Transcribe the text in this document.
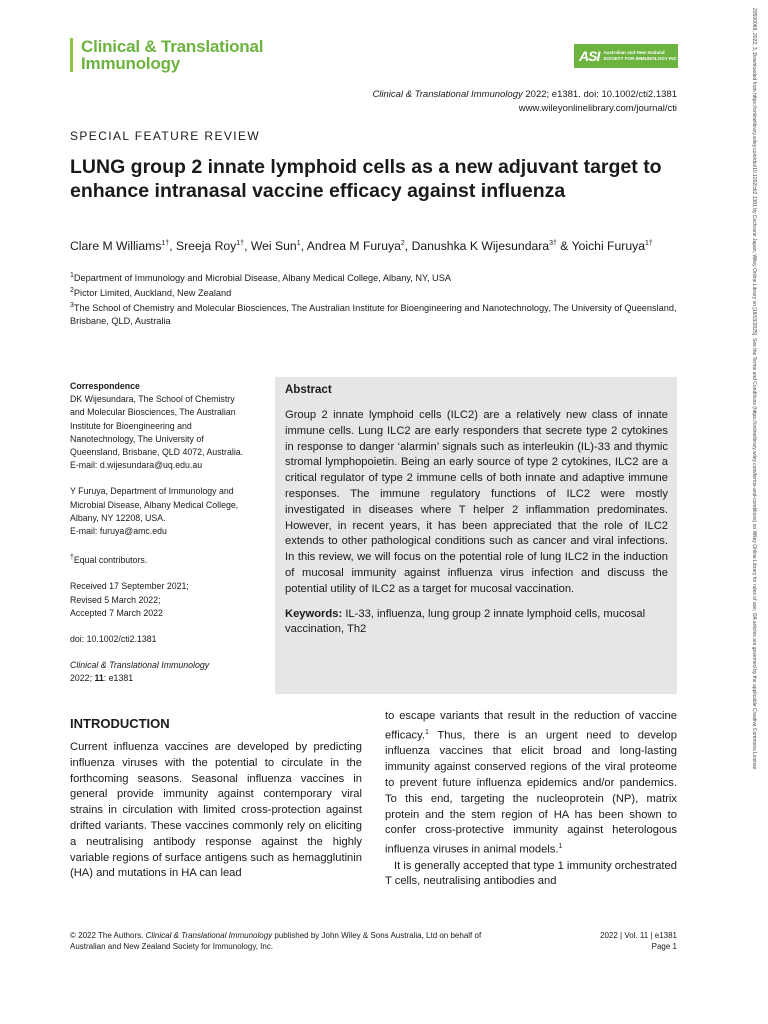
Clinical & Translational
Immunology	ASI Australian and New Zealand
SOCIETY FOR IMMUNOLOGY INC
Clinical & Translational Immunology 2022; e1381. doi: 10.1002/cti2.1381
www.wileyonlinelibrary.com/journal/cti
SPECIAL FEATURE REVIEW
LUNG group 2 innate lymphoid cells as a new adjuvant target to enhance intranasal vaccine efficacy against influenza
Clare M Williams$^{1\dagger}$, Sreeja Roy$^{1\dagger}$, Wei Sun$^1$, Andrea M Furuya$^2$, Danushka K Wijesundara$^{3\dagger}$ & Yoichi Furuya$^{1\dagger}$
$^1$Department of Immunology and Microbial Disease, Albany Medical College, Albany, NY, USA
$^2$Pictor Limited, Auckland, New Zealand
$^3$The School of Chemistry and Molecular Biosciences, The Australian Institute for Bioengineering and Nanotechnology, The University of Queensland, Brisbane, QLD, Australia
Correspondence

DK Wijesundara, The School of Chemistry
and Molecular Biosciences, The Australian
Institute for Bioengineering and
Nanotechnology, The University of
Queensland, Brisbane, QLD 4072, Australia.
E-mail: d.wijesundara@uq.edu.au

Y Furuya, Department of Immunology and
Microbial Disease, Albany Medical College,
Albany, NY 12208, USA.
E-mail: furuya@amc.edu

†Equal contributors.

Received 17 September 2021;
Revised 5 March 2022;
Accepted 7 March 2022

doi: 10.1002/cti2.1381

Clinical & Translational Immunology
2022; 11: e1381
Abstract
Group 2 innate lymphoid cells (ILC2) are a relatively new class of innate immune cells. Lung ILC2 are early responders that secrete type 2 cytokines in response to danger ‘alarmin’ signals such as interleukin (IL)-33 and thymic stromal lymphopoietin. Being an early source of type 2 cytokines, ILC2 are a critical regulator of type 2 immune cells of both innate and adaptive immune responses. The immune regulatory functions of ILC2 were mostly investigated in diseases where T helper 2 inflammation predominates. However, in recent years, it has been appreciated that the role of ILC2 extends to other pathological conditions such as cancer and viral infections. In this review, we will focus on the potential role of lung ILC2 in the induction of mucosal immunity against influenza virus infection and discuss the potential utility of ILC2 as a target for mucosal vaccination.
Keywords: IL-33, influenza, lung group 2 innate lymphoid cells, mucosal vaccination, Th2
INTRODUCTION
Current influenza vaccines are developed by predicting influenza viruses with the potential to circulate in the forthcoming seasons. Seasonal influenza vaccines in general provide immunity against contemporary viral strains in circulation with limited cross-protection against drifted variants. These vaccines commonly rely on eliciting a neutralising antibody response against the highly variable regions of surface antigens such as hemagglutinin (HA) and mutations in HA can lead
to escape variants that result in the reduction of vaccine efficacy.$^1$ Thus, there is an urgent need to develop influenza vaccines that elicit broad and long-lasting immunity against conserved regions of the viral proteome to prevent future influenza epidemics and/or pandemics. To this end, targeting the nucleoprotein (NP), matrix protein and the stem region of HA has been shown to confer cross-protective immunity against heterologous influenza viruses in animal models.$^1$
It is generally accepted that type 1 immunity orchestrated T cells, neutralising antibodies and
© 2022 The Authors. Clinical & Translational Immunology published by John Wiley & Sons Australia, Ltd on behalf of
Australian and New Zealand Society for Immunology, Inc.
2022 | Vol. 11 | e1381
Page 1
20500068, 2022, 3, Downloaded from https://onlinelibrary.wiley.com/doi/10.1002/cti2.1381 by Cochrane Japan, Wiley Online Library on [18/03/2025]. See the Terms and Conditions (https://onlinelibrary.wiley.com/terms-and-conditions) on Wiley Online Library for rules of use; OA articles are governed by the applicable Creative Commons License
